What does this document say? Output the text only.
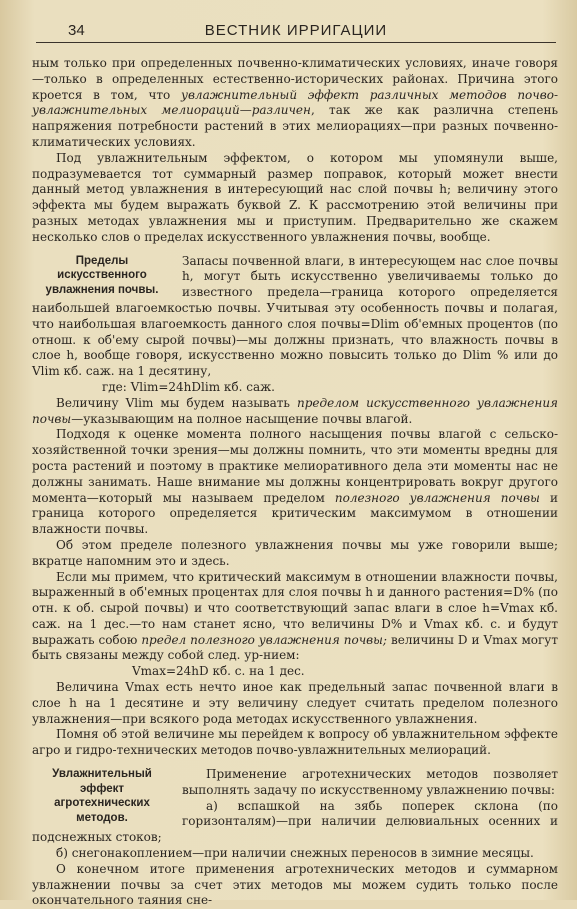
34	ВЕСТНИК ИРРИГАЦИИ

ным только при определенных почвенно-климатических условиях, иначе говоря—только в определенных естественно-исторических районах. Причина этого кроется в том, что увлажнительный эффект различных методов почво-увлажнительных мелиораций—различен, так же как различна степень напряжения потребности растений в этих мелиорациях—при разных почвенно-климатических условиях.

Под увлажнительным эффектом, о котором мы упомянули выше, подразумевается тот суммарный размер поправок, который может внести данный метод увлажнения в интересующий нас слой почвы h; величину этого эффекта мы будем выражать буквой Z. К рассмотрению этой величины при разных методах увлажнения мы и приступим. Предварительно же скажем несколько слов о пределах искусственного увлажнения почвы, вообще.

Пределы искусственного увлажнения почвы.

Запасы почвенной влаги, в интересующем нас слое почвы h, могут быть искусственно увеличиваемы только до известного предела—граница которого определяется наибольшей влагоемкостью почвы. Учитывая эту особенность почвы и полагая, что наибольшая влагоемкость данного слоя почвы=Dlim об'емных процентов (по отнош. к об'ему сырой почвы)—мы должны признать, что влажность почвы в слое h, вообще говоря, искусственно можно повысить только до Dlim % или до Vlim кб. саж. на 1 десятину,

где: Vlim=24hDlim кб. саж.

Величину Vlim мы будем называть пределом искусственного увлажнения почвы—указывающим на полное насыщение почвы влагой.

Подходя к оценке момента полного насыщения почвы влагой с сельско-хозяйственной точки зрения—мы должны помнить, что эти моменты вредны для роста растений и поэтому в практике мелиоративного дела эти моменты нас не должны занимать. Наше внимание мы должны концентрировать вокруг другого момента—который мы называем пределом полезного увлажнения почвы и граница которого определяется критическим максимумом в отношении влажности почвы.

Об этом пределе полезного увлажнения почвы мы уже говорили выше; вкратце напомним это и здесь.

Если мы примем, что критический максимум в отношении влажности почвы, выраженный в об'емных процентах для слоя почвы h и данного растения=D% (по отн. к об. сырой почвы) и что соответствующий запас влаги в слое h=Vmax кб. саж. на 1 дес.—то нам станет ясно, что величины D% и Vmax кб. с. и будут выражать собою предел полезного увлажнения почвы; величины D и Vmax могут быть связаны между собой след. ур-нием:

Vmax=24hD кб. с. на 1 дес.

Величина Vmax есть нечто иное как предельный запас почвенной влаги в слое h на 1 десятине и эту величину следует считать пределом полезного увлажнения—при всякого рода методах искусственного увлажнения.

Помня об этой величине мы перейдем к вопросу об увлажнительном эффекте агро и гидро-технических методов почво-увлажнительных мелиораций.

Увлажнительный эффект агротехнических методов.

Применение агротехнических методов позволяет выполнять задачу по искусственному увлажнению почвы:

а) вспашкой на зябь поперек склона (по горизонталям)—при наличии делювиальных осенних и подснежных стоков;

б) снегонакоплением—при наличии снежных переносов в зимние месяцы.

О конечном итоге применения агротехнических методов и суммарном увлажнении почвы за счет этих методов мы можем судить только после окончательного таяния сне-
